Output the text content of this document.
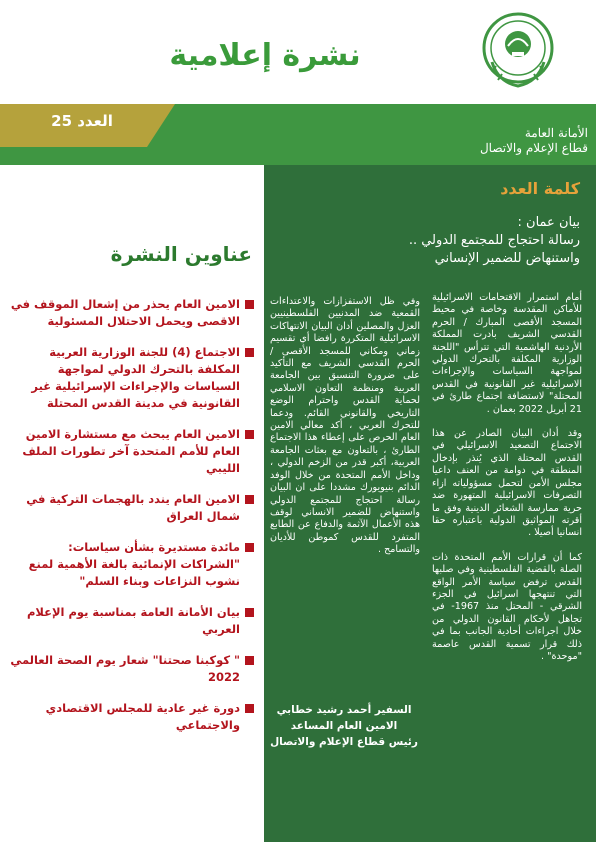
نشرة إعلامية
العدد 25
الأمانة العامة
قطاع الإعلام والاتصال
عناوين النشرة
الامين العام يحذر من إشعال الموقف في الاقصى ويحمل الاحتلال المسئولية
الاجتماع (4) للجنة الوزارية العربية المكلفة بالتحرك الدولي لمواجهة السياسات والإجراءات الإسرائيلية غير القانونية في مدينة القدس المحتلة
الامين العام يبحث مع مستشارة الامين العام للأمم المتحدة آخر تطورات الملف الليبي
الامين العام يندد بالهجمات التركية في شمال العراق
مائدة مستديرة بشأن سياسات: "الشراكات الإنمائية بالغة الأهمية لمنع نشوب النزاعات وبناء السلم"
بيان الأمانة العامة بمناسبة يوم الإعلام العربي
" كوكبنا صحتنا" شعار يوم الصحة العالمي 2022
دورة غير عادية للمجلس الاقتصادي والاجتماعي
كلمة العدد
بيان عمان :
رسالة احتجاج للمجتمع الدولي ..
واستنهاض للضمير الإنساني

أمام استمرار الاقتحامات الاسرائيلية للأماكن المقدسة وخاصة في محيط المسجد الأقصى المبارك / الحرم القدسي الشريف بادرت المملكة الأردنية الهاشمية التي تترأس "اللجنة الوزارية المكلفة بالتحرك الدولي لمواجهة السياسات والإجراءات الاسرائيلية غير القانونية في القدس المحتلة" لاستضافة اجتماع طارئ في 21 أبريل 2022 بعمان .

وقد أدان البيان الصادر عن هذا الاجتماع التصعيد الاسرائيلي في القدس المحتلة الذي يُنذر بإدخال المنطقة في دوامة من العنف داعيا مجلس الأمن لتحمل مسؤولياته ازاء التصرفات الاسرائيلية المتهورة ضد حرية ممارسة الشعائر الدينية وفق ما أقرته المواثيق الدولية باعتباره حقا انسانيا أصيلا .

كما أن قرارات الأمم المتحدة ذات الصلة بالقضية الفلسطينية وفي صلبها القدس ترفض سياسة الأمر الواقع التي تنتهجها اسرائيل في الجزء الشرقي - المحتل منذ 1967- في تجاهل لأحكام القانون الدولي من خلال اجراءات أحادية الجانب بما في ذلك قرار تسمية القدس عاصمة "موحدة" .

وفي ظل الاستفزازات والاعتداءات القمعية ضد المدنيين الفلسطينيين العزل والمصلين أدان البيان الانتهاكات الاسرائيلية المتكررة رافضا أي تقسيم زماني ومكاني للمسجد الأقصى / الحرم القدسي الشريف مع التأكيد على ضرورة التنسيق بين الجامعة العربية ومنظمة التعاون الاسلامي لحماية القدس واحترام الوضع التاريخي والقانوني القائم. ودعما للتحرك العربي ، أكد معالي الامين العام الحرص على إعطاء هذا الاجتماع الطارئ ، بالتعاون مع بعثات الجامعة العربية، أكبر قدر من الزخم الدولي ، وداخل الأمم المتحدة من خلال الوفد الدائم بنيويورك مشددا على ان البيان رسالة احتجاج للمجتمع الدولي واستنهاض للضمير الانساني لوقف هذه الأعمال الآثمة والدفاع عن الطابع المتفرد للقدس كموطن للأديان والتسامح .
السفير أحمد رشيد خطابي
الامين العام المساعد
رئيس قطاع الإعلام والاتصال
